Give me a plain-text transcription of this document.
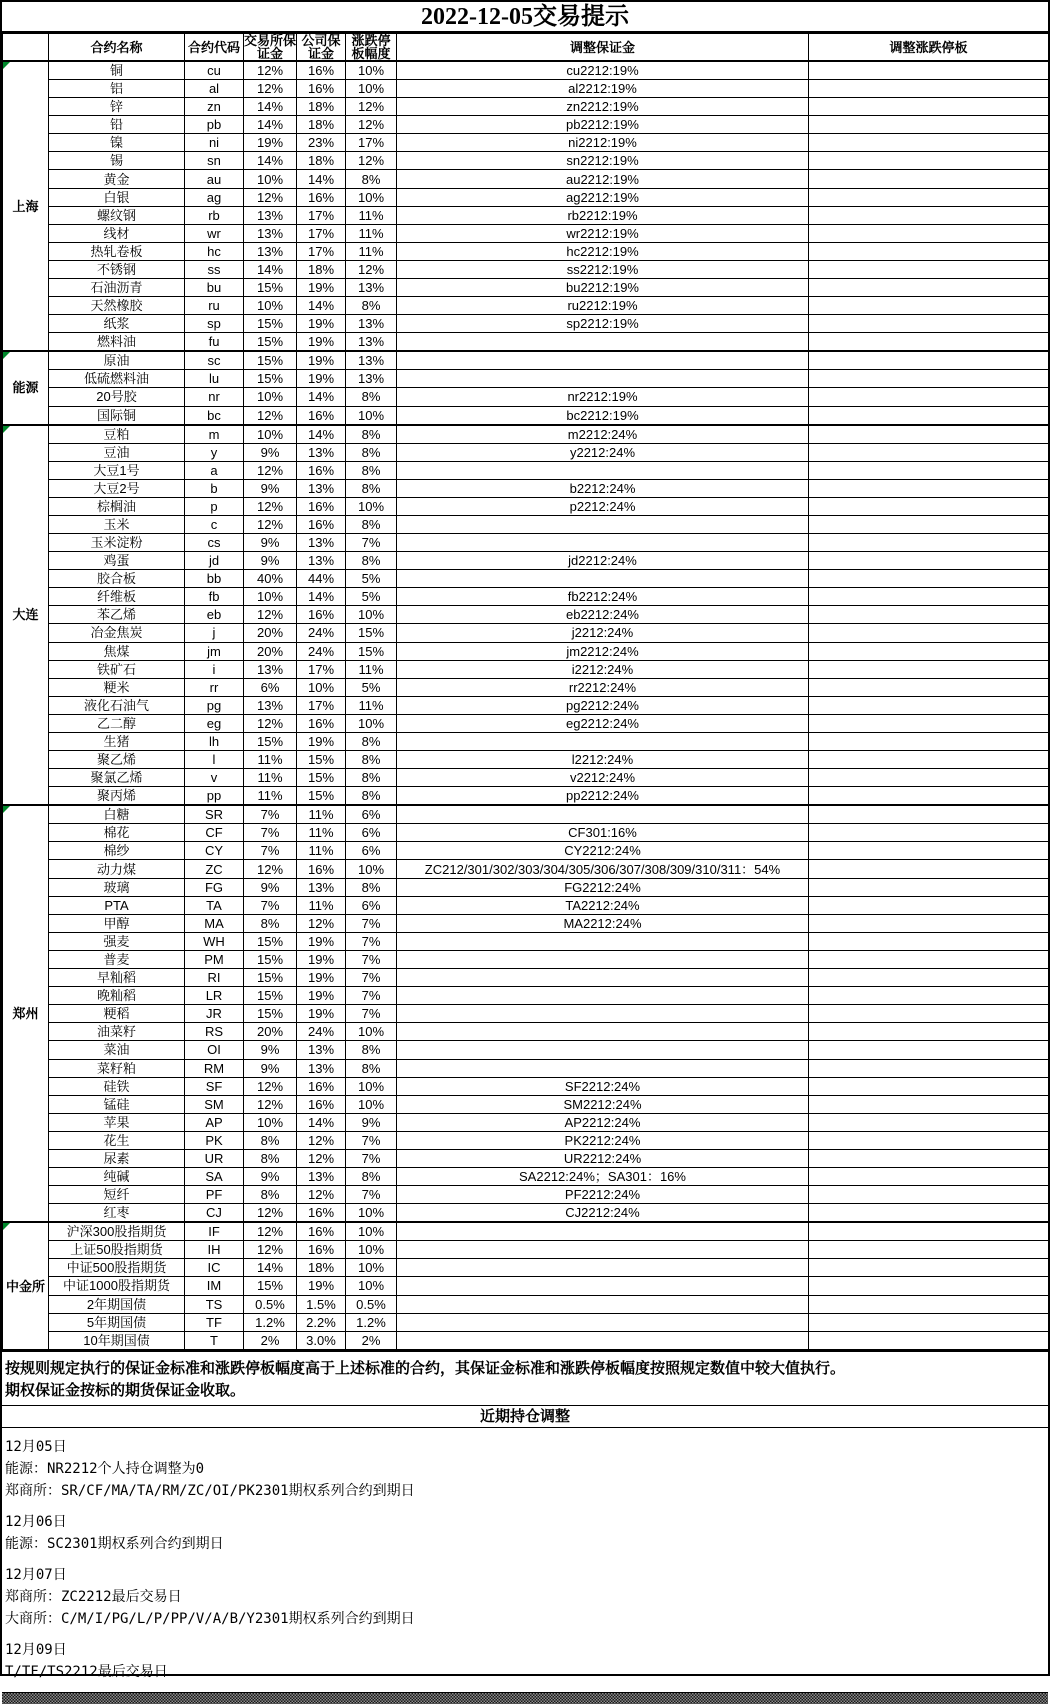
2022-12-05交易提示
	合约名称	合约代码	交易所保证金	公司保证金	涨跌停板幅度	调整保证金	调整涨跌停板

上海	铜	cu	12%	16%	10%	cu2212:19%	
	铝	al	12%	16%	10%	al2212:19%	
	锌	zn	14%	18%	12%	zn2212:19%	
	铅	pb	14%	18%	12%	pb2212:19%	
	镍	ni	19%	23%	17%	ni2212:19%	
	锡	sn	14%	18%	12%	sn2212:19%	
	黄金	au	10%	14%	8%	au2212:19%	
	白银	ag	12%	16%	10%	ag2212:19%	
	螺纹钢	rb	13%	17%	11%	rb2212:19%	
	线材	wr	13%	17%	11%	wr2212:19%	
	热轧卷板	hc	13%	17%	11%	hc2212:19%	
	不锈钢	ss	14%	18%	12%	ss2212:19%	
	石油沥青	bu	15%	19%	13%	bu2212:19%	
	天然橡胶	ru	10%	14%	8%	ru2212:19%	
	纸浆	sp	15%	19%	13%	sp2212:19%	
	燃料油	fu	15%	19%	13%		

能源	原油	sc	15%	19%	13%		
	低硫燃料油	lu	15%	19%	13%		
	20号胶	nr	10%	14%	8%	nr2212:19%	
	国际铜	bc	12%	16%	10%	bc2212:19%	

大连	豆粕	m	10%	14%	8%	m2212:24%	
	豆油	y	9%	13%	8%	y2212:24%	
	大豆1号	a	12%	16%	8%		
	大豆2号	b	9%	13%	8%	b2212:24%	
	棕榈油	p	12%	16%	10%	p2212:24%	
	玉米	c	12%	16%	8%		
	玉米淀粉	cs	9%	13%	7%		
	鸡蛋	jd	9%	13%	8%	jd2212:24%	
	胶合板	bb	40%	44%	5%		
	纤维板	fb	10%	14%	5%	fb2212:24%	
	苯乙烯	eb	12%	16%	10%	eb2212:24%	
	冶金焦炭	j	20%	24%	15%	j2212:24%	
	焦煤	jm	20%	24%	15%	jm2212:24%	
	铁矿石	i	13%	17%	11%	i2212:24%	
	粳米	rr	6%	10%	5%	rr2212:24%	
	液化石油气	pg	13%	17%	11%	pg2212:24%	
	乙二醇	eg	12%	16%	10%	eg2212:24%	
	生猪	lh	15%	19%	8%		
	聚乙烯	l	11%	15%	8%	l2212:24%	
	聚氯乙烯	v	11%	15%	8%	v2212:24%	
	聚丙烯	pp	11%	15%	8%	pp2212:24%	

郑州	白糖	SR	7%	11%	6%		
	棉花	CF	7%	11%	6%	CF301:16%	
	棉纱	CY	7%	11%	6%	CY2212:24%	
	动力煤	ZC	12%	16%	10%	ZC212/301/302/303/304/305/306/307/308/309/310/311：54%	
	玻璃	FG	9%	13%	8%	FG2212:24%	
	PTA	TA	7%	11%	6%	TA2212:24%	
	甲醇	MA	8%	12%	7%	MA2212:24%	
	强麦	WH	15%	19%	7%		
	普麦	PM	15%	19%	7%		
	早籼稻	RI	15%	19%	7%		
	晚籼稻	LR	15%	19%	7%		
	粳稻	JR	15%	19%	7%		
	油菜籽	RS	20%	24%	10%		
	菜油	OI	9%	13%	8%		
	菜籽粕	RM	9%	13%	8%		
	硅铁	SF	12%	16%	10%	SF2212:24%	
	锰硅	SM	12%	16%	10%	SM2212:24%	
	苹果	AP	10%	14%	9%	AP2212:24%	
	花生	PK	8%	12%	7%	PK2212:24%	
	尿素	UR	8%	12%	7%	UR2212:24%	
	纯碱	SA	9%	13%	8%	SA2212:24%；SA301：16%	
	短纤	PF	8%	12%	7%	PF2212:24%	
	红枣	CJ	12%	16%	10%	CJ2212:24%	

中金所	沪深300股指期货	IF	12%	16%	10%		
	上证50股指期货	IH	12%	16%	10%		
	中证500股指期货	IC	14%	18%	10%		
	中证1000股指期货	IM	15%	19%	10%		
	2年期国债	TS	0.5%	1.5%	0.5%		
	5年期国债	TF	1.2%	2.2%	1.2%		
	10年期国债	T	2%	3.0%	2%		
按规则规定执行的保证金标准和涨跌停板幅度高于上述标准的合约，其保证金标准和涨跌停板幅度按照规定数值中较大值执行。
期权保证金按标的期货保证金收取。
近期持仓调整
12月05日
能源：NR2212个人持仓调整为0
郑商所：SR/CF/MA/TA/RM/ZC/OI/PK2301期权系列合约到期日
12月06日
能源：SC2301期权系列合约到期日
12月07日
郑商所：ZC2212最后交易日
大商所：C/M/I/PG/L/P/PP/V/A/B/Y2301期权系列合约到期日
12月09日
T/TF/TS2212最后交易日
